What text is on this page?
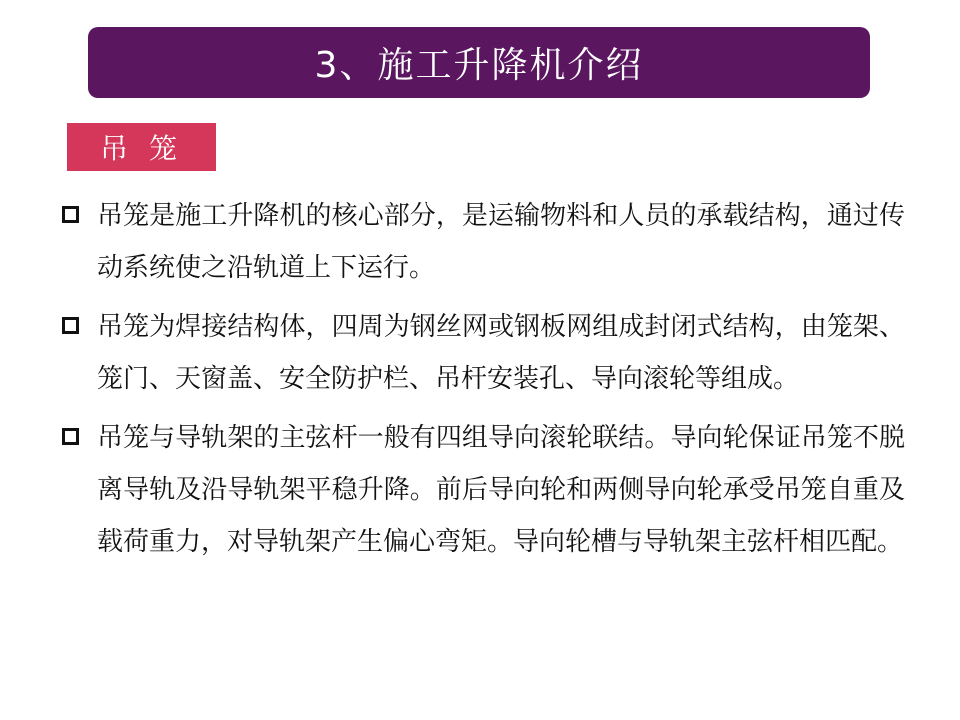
3、施工升降机介绍
吊 笼
吊笼是施工升降机的核心部分，是运输物料和人员的承载结构，通过传动系统使之沿轨道上下运行。
吊笼为焊接结构体，四周为钢丝网或钢板网组成封闭式结构，由笼架、笼门、天窗盖、安全防护栏、吊杆安装孔、导向滚轮等组成。
吊笼与导轨架的主弦杆一般有四组导向滚轮联结。导向轮保证吊笼不脱离导轨及沿导轨架平稳升降。前后导向轮和两侧导向轮承受吊笼自重及载荷重力，对导轨架产生偏心弯矩。导向轮槽与导轨架主弦杆相匹配。
